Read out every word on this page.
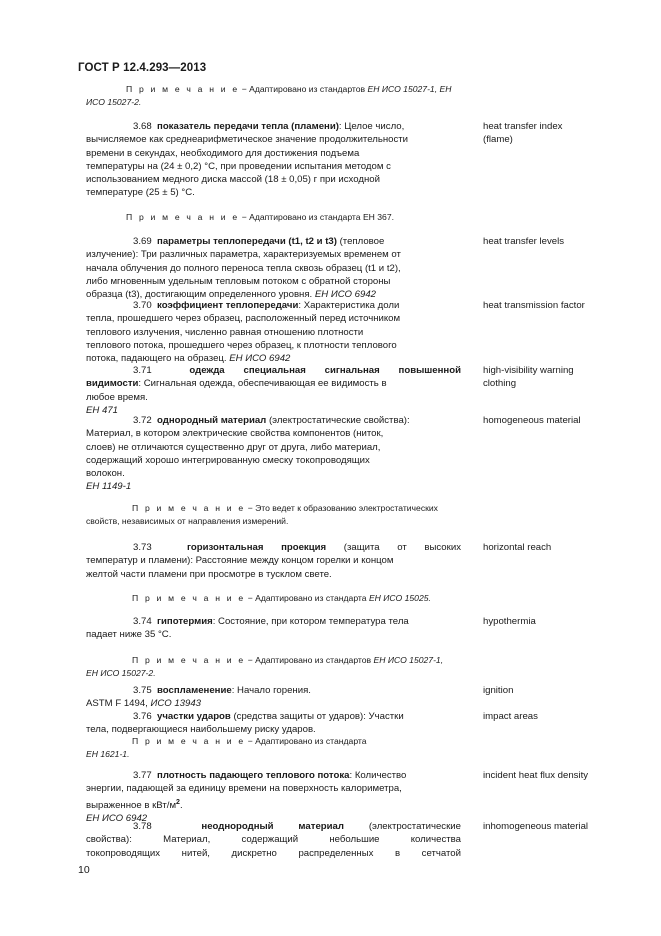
ГОСТ Р 12.4.293—2013
П р и м е ч а н и е − Адаптировано из стандартов ЕН ИСО 15027-1, ЕН
ИСО 15027-2.
3.68 показатель передачи тепла (пламени): Целое число,
вычисляемое как среднеарифметическое значение продолжительности
времени в секундах, необходимого для достижения подъема
температуры на (24 ± 0,2) °С, при проведении испытания методом с
использованием медного диска массой (18 ± 0,05) г при исходной
температуре (25 ± 5) °С.
heat transfer index
(flame)
П р и м е ч а н и е − Адаптировано из стандарта ЕН 367.
3.69 параметры теплопередачи (t1, t2 и t3) (тепловое
излучение): Три различных параметра, характеризуемых временем от
начала облучения до полного переноса тепла сквозь образец (t1 и t2),
либо мгновенным удельным тепловым потоком с обратной стороны
образца (t3), достигающим определенного уровня. ЕН ИСО 6942
heat transfer levels
3.70 коэффициент теплопередачи: Характеристика доли
тепла, прошедшего через образец, расположенный перед источником
теплового излучения, численно равная отношению плотности
теплового потока, прошедшего через образец, к плотности теплового
потока, падающего на образец. ЕН ИСО 6942
heat transmission factor
3.71	одежда специальная сигнальная повышенной
видимости: Сигнальная одежда, обеспечивающая ее видимость в
любое время.
ЕН 471
high-visibility warning
clothing
3.72 однородный материал (электростатические свойства):
Материал, в котором электрические свойства компонентов (ниток,
слоев) не отличаются существенно друг от друга, либо материал,
содержащий хорошо интегрированную смеску токопроводящих
волокон.
ЕН 1149-1
homogeneous material
П р и м е ч а н и е − Это ведет к образованию электростатических
свойств, независимых от направления измерений.
3.73	горизонтальная проекция (защита от высоких
температур и пламени): Расстояние между концом горелки и концом
желтой части пламени при просмотре в тусклом свете.
horizontal reach
П р и м е ч а н и е − Адаптировано из стандарта ЕН ИСО 15025.
3.74 гипотермия: Состояние, при котором температура тела
падает ниже 35 °С.
hypothermia
П р и м е ч а н и е − Адаптировано из стандартов ЕН ИСО 15027-1,
ЕН ИСО 15027-2.
3.75 воспламенение: Начало горения.
ASTM F 1494, ИСО 13943
ignition
3.76 участки ударов (средства защиты от ударов): Участки
тела, подвергающиеся наибольшему риску ударов.
impact areas
П р и м е ч а н и е − Адаптировано из стандарта
ЕН 1621-1.
3.77 плотность падающего теплового потока: Количество
энергии, падающей за единицу времени на поверхность калориметра,
выраженное в кВт/$м^2$.
ЕН ИСО 6942
incident heat flux density
3.78	неоднородный материал (электростатические
свойства): Материал, содержащий небольшие количества
токопроводящих нитей, дискретно распределенных в сетчатой
inhomogeneous material
10
